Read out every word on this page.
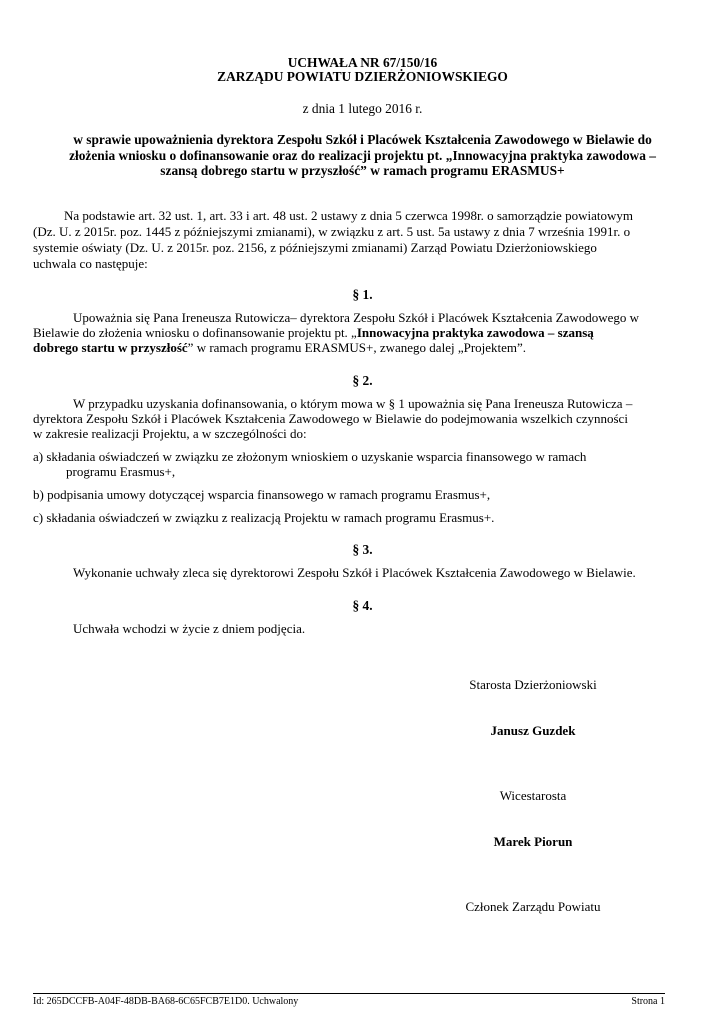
UCHWAŁA NR 67/150/16
ZARZĄDU POWIATU DZIERŻONIOWSKIEGO
z dnia 1 lutego 2016 r.
w sprawie upoważnienia dyrektora Zespołu Szkół i Placówek Kształcenia Zawodowego w Bielawie do
złożenia wniosku o dofinansowanie oraz do realizacji projektu pt. „Innowacyjna praktyka zawodowa –
szansą dobrego startu w przyszłość” w ramach programu ERASMUS+
Na podstawie art. 32 ust. 1, art. 33 i art. 48 ust. 2 ustawy z dnia 5 czerwca 1998r. o samorządzie powiatowym
(Dz. U. z 2015r. poz. 1445 z późniejszymi zmianami), w związku z art. 5 ust. 5a ustawy z dnia 7 września 1991r. o
systemie oświaty (Dz. U. z 2015r. poz. 2156, z późniejszymi zmianami) Zarząd Powiatu Dzierżoniowskiego
uchwala co następuje:
§ 1.
Upoważnia się Pana Ireneusza Rutowicza– dyrektora Zespołu Szkół i Placówek Kształcenia Zawodowego w
Bielawie do złożenia wniosku o dofinansowanie projektu pt. „Innowacyjna praktyka zawodowa – szansą
dobrego startu w przyszłość” w ramach programu ERASMUS+, zwanego dalej „Projektem”.
§ 2.
W przypadku uzyskania dofinansowania, o którym mowa w § 1 upoważnia się Pana Ireneusza Rutowicza –
dyrektora Zespołu Szkół i Placówek Kształcenia Zawodowego w Bielawie do podejmowania wszelkich czynności
w zakresie realizacji Projektu, a w szczególności do:
a) składania oświadczeń w związku ze złożonym wnioskiem o uzyskanie wsparcia finansowego w ramach
programu Erasmus+,
b) podpisania umowy dotyczącej wsparcia finansowego w ramach programu Erasmus+,
c) składania oświadczeń w związku z realizacją Projektu w ramach programu Erasmus+.
§ 3.
Wykonanie uchwały zleca się dyrektorowi Zespołu Szkół i Placówek Kształcenia Zawodowego w Bielawie.
§ 4.
Uchwała wchodzi w życie z dniem podjęcia.
Starosta Dzierżoniowski
Janusz Guzdek
Wicestarosta
Marek Piorun
Członek Zarządu Powiatu
Id: 265DCCFB-A04F-48DB-BA68-6C65FCB7E1D0. Uchwalony	Strona 1
